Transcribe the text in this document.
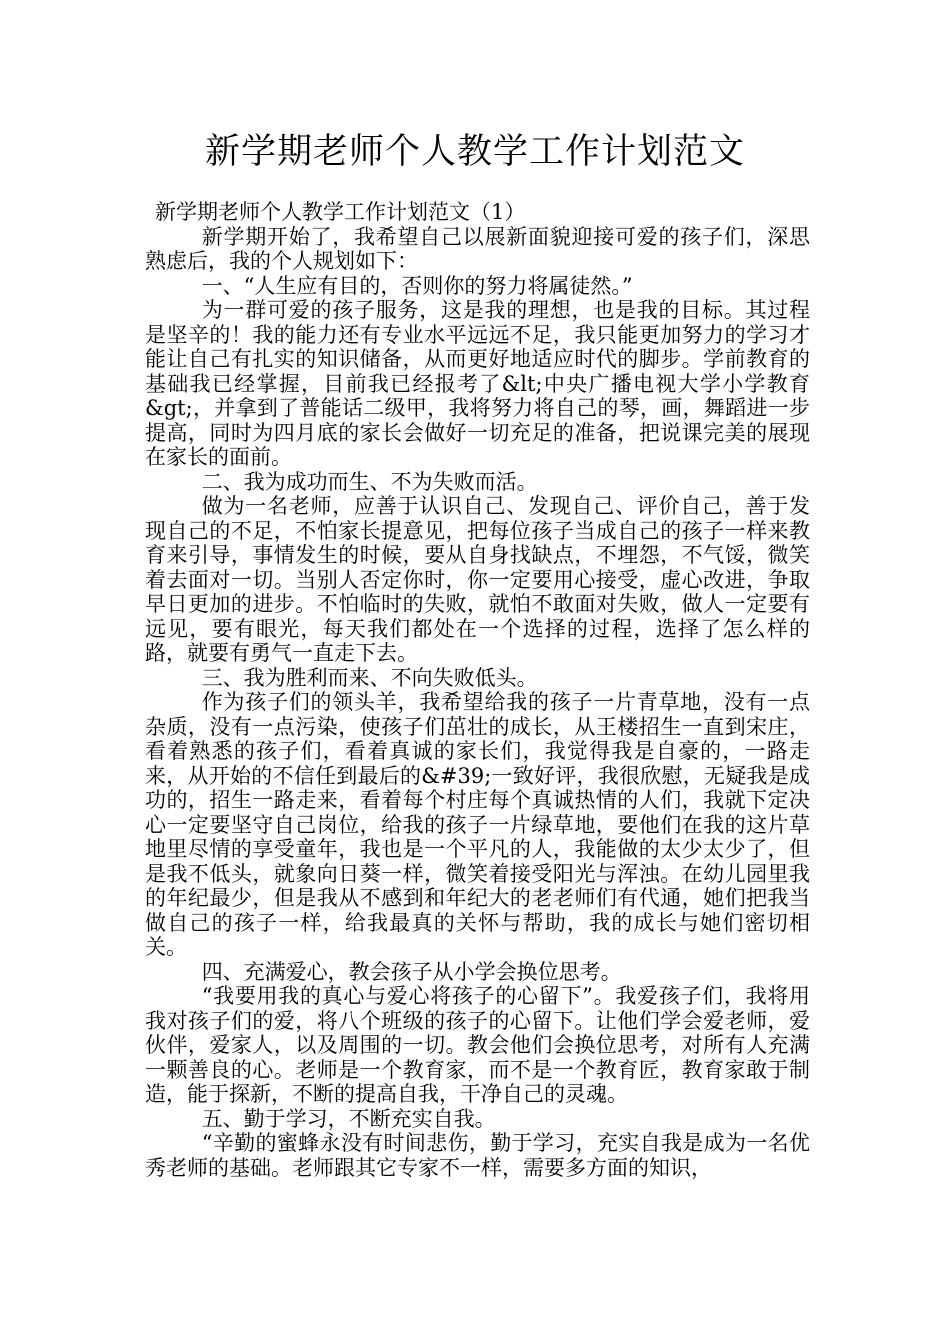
新学期老师个人教学工作计划范文

新学期老师个人教学工作计划范文（1）

新学期开始了，我希望自己以展新面貌迎接可爱的孩子们，深思熟虑后，我的个人规划如下：

一、“人生应有目的，否则你的努力将属徒然。”

为一群可爱的孩子服务，这是我的理想，也是我的目标。其过程是坚辛的！我的能力还有专业水平远远不足，我只能更加努力的学习才能让自己有扎实的知识储备，从而更好地适应时代的脚步。学前教育的基础我已经掌握，目前我已经报考了&lt;中央广播电视大学小学教育&gt;，并拿到了普能话二级甲，我将努力将自己的琴，画，舞蹈进一步提高，同时为四月底的家长会做好一切充足的准备，把说课完美的展现在家长的面前。

二、我为成功而生、不为失败而活。

做为一名老师，应善于认识自己、发现自己、评价自己，善于发现自己的不足，不怕家长提意见，把每位孩子当成自己的孩子一样来教育来引导，事情发生的时候，要从自身找缺点，不埋怨，不气馁，微笑着去面对一切。当别人否定你时，你一定要用心接受，虚心改进，争取早日更加的进步。不怕临时的失败，就怕不敢面对失败，做人一定要有远见，要有眼光，每天我们都处在一个选择的过程，选择了怎么样的路，就要有勇气一直走下去。

三、我为胜利而来、不向失败低头。

作为孩子们的领头羊，我希望给我的孩子一片青草地，没有一点杂质，没有一点污染，使孩子们茁壮的成长，从王楼招生一直到宋庄，看着熟悉的孩子们，看着真诚的家长们，我觉得我是自豪的，一路走来，从开始的不信任到最后的&#39;一致好评，我很欣慰，无疑我是成功的，招生一路走来，看着每个村庄每个真诚热情的人们，我就下定决心一定要坚守自己岗位，给我的孩子一片绿草地，要他们在我的这片草地里尽情的享受童年，我也是一个平凡的人，我能做的太少太少了，但是我不低头，就象向日葵一样，微笑着接受阳光与浑浊。在幼儿园里我的年纪最少，但是我从不感到和年纪大的老老师们有代通，她们把我当做自己的孩子一样，给我最真的关怀与帮助，我的成长与她们密切相关。

四、充满爱心，教会孩子从小学会换位思考。

“我要用我的真心与爱心将孩子的心留下”。我爱孩子们，我将用我对孩子们的爱，将八个班级的孩子的心留下。让他们学会爱老师，爱伙伴，爱家人，以及周围的一切。教会他们会换位思考，对所有人充满一颗善良的心。老师是一个教育家，而不是一个教育匠，教育家敢于制造，能于探新，不断的提高自我，干净自己的灵魂。

五、勤于学习，不断充实自我。

“辛勤的蜜蜂永没有时间悲伤，勤于学习，充实自我是成为一名优秀老师的基础。老师跟其它专家不一样，需要多方面的知识，
